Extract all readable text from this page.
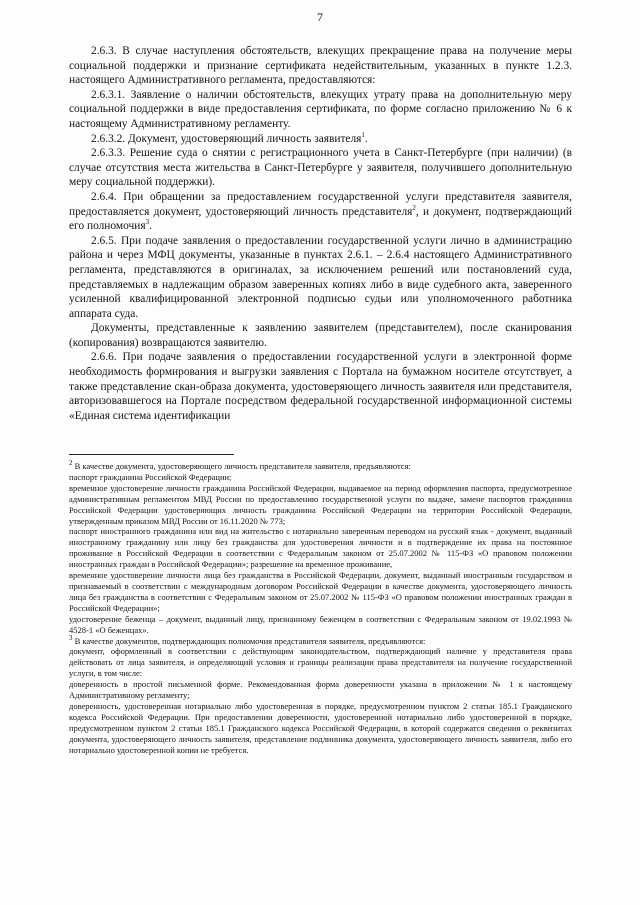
7

2.6.3. В случае наступления обстоятельств, влекущих прекращение права на получение меры социальной поддержки и признание сертификата недействительным, указанных в пункте 1.2.3. настоящего Административного регламента, предоставляются:

2.6.3.1. Заявление о наличии обстоятельств, влекущих утрату права на дополнительную меру социальной поддержки в виде предоставления сертификата, по форме согласно приложению № 6 к настоящему Административному регламенту.

2.6.3.2. Документ, удостоверяющий личность заявителя$^1$.

2.6.3.3. Решение суда о снятии с регистрационного учета в Санкт-Петербурге (при наличии) (в случае отсутствия места жительства в Санкт-Петербурге у заявителя, получившего дополнительную меру социальной поддержки).

2.6.4. При обращении за предоставлением государственной услуги представителя заявителя, предоставляется документ, удостоверяющий личность представителя$^2$, и документ, подтверждающий его полномочия$^3$.

2.6.5. При подаче заявления о предоставлении государственной услуги лично в администрацию района и через МФЦ документы, указанные в пунктах 2.6.1. – 2.6.4 настоящего Административного регламента, представляются в оригиналах, за исключением решений или постановлений суда, представляемых в надлежащим образом заверенных копиях либо в виде судебного акта, заверенного усиленной квалифицированной электронной подписью судьи или уполномоченного работника аппарата суда.

Документы, представленные к заявлению заявителем (представителем), после сканирования (копирования) возвращаются заявителю.

2.6.6. При подаче заявления о предоставлении государственной услуги в электронной форме необходимость формирования и выгрузки заявления с Портала на бумажном носителе отсутствует, а также представление скан-образа документа, удостоверяющего личность заявителя или представителя, авторизовавшегося на Портале посредством федеральной государственной информационной системы «Единая система идентификации

$^2$ В качестве документа, удостоверяющего личность представителя заявителя, предъявляются:

паспорт гражданина Российской Федерации;

временное удостоверение личности гражданина Российской Федерации, выдаваемое на период оформления паспорта, предусмотренное административным регламентом МВД России по предоставлению государственной услуги по выдаче, замене паспортов гражданина Российской Федерации удостоверяющих личность гражданина Российской Федерации на территории Российской Федерации, утвержденным приказом МВД России от 16.11.2020 № 773;

паспорт иностранного гражданина или вид на жительство с нотариально заверенным переводом на русский язык - документ, выданный иностранному гражданину или лицу без гражданства для удостоверения личности и в подтверждение их права на постоянное проживание в Российской Федерации в соответствии с Федеральным законом от 25.07.2002 № 115-ФЗ «О правовом положении иностранных граждан в Российской Федерации»; разрешение на временное проживание,

временное удостоверение личности лица без гражданства в Российской Федерации, документ, выданный иностранным государством и признаваемый в соответствии с международным договором Российской Федерации в качестве документа, удостоверяющего личность лица без гражданства в соответствии с Федеральным законом от 25.07.2002 № 115-ФЗ «О правовом положении иностранных граждан в Российской Федерации»;

удостоверение беженца – документ, выданный лицу, признанному беженцем в соответствии с Федеральным законом от 19.02.1993 № 4528-1 «О беженцах».

$^3$ В качестве документов, подтверждающих полномочия представителя заявителя, предъявляются:

документ, оформленный в соответствии с действующим законодательством, подтверждающий наличие у представителя права действовать от лица заявителя, и определяющий условия и границы реализации права представителя на получение государственной услуги, в том числе:

доверенность в простой письменной форме. Рекомендованная форма доверенности указана в приложении № 1 к настоящему Административному регламенту;

доверенность, удостоверенная нотариально либо удостоверенная в порядке, предусмотренном пунктом 2 статьи 185.1 Гражданского кодекса Российской Федерации. При предоставлении доверенности, удостоверенной нотариально либо удостоверенной в порядке, предусмотренном пунктом 2 статьи 185.1 Гражданского кодекса Российской Федерации, в которой содержатся сведения о реквизитах документа, удостоверяющего личность заявителя, представление подлинника документа, удостоверяющего личность заявителя, либо его нотариально удостоверенной копии не требуется.
